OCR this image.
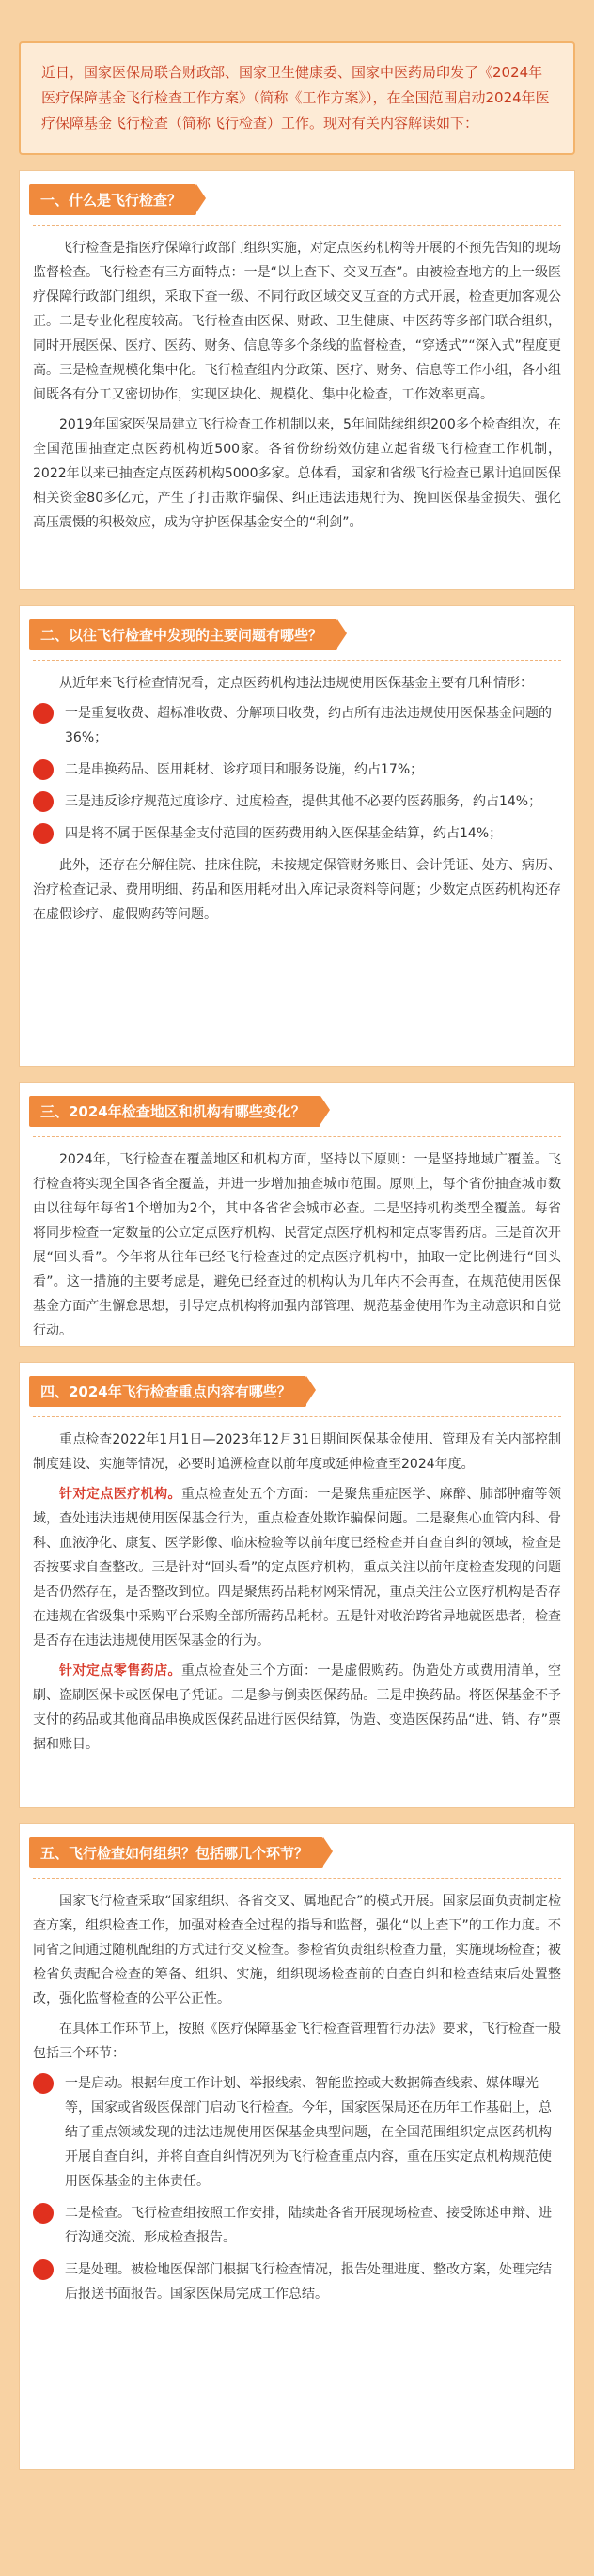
近日，国家医保局联合财政部、国家卫生健康委、国家中医药局印发了《2024年医疗保障基金飞行检查工作方案》（简称《工作方案》），在全国范围启动2024年医疗保障基金飞行检查（简称飞行检查）工作。现对有关内容解读如下：
一、什么是飞行检查？

飞行检查是指医疗保障行政部门组织实施，对定点医药机构等开展的不预先告知的现场监督检查。飞行检查有三方面特点：一是“以上查下、交叉互查”。由被检查地方的上一级医疗保障行政部门组织，采取下查一级、不同行政区域交叉互查的方式开展，检查更加客观公正。二是专业化程度较高。飞行检查由医保、财政、卫生健康、中医药等多部门联合组织，同时开展医保、医疗、医药、财务、信息等多个条线的监督检查，“穿透式”“深入式”程度更高。三是检查规模化集中化。飞行检查组内分政策、医疗、财务、信息等工作小组，各小组间既各有分工又密切协作，实现区块化、规模化、集中化检查，工作效率更高。

2019年国家医保局建立飞行检查工作机制以来，5年间陆续组织200多个检查组次，在全国范围抽查定点医药机构近500家。各省份纷纷效仿建立起省级飞行检查工作机制，2022年以来已抽查定点医药机构5000多家。总体看，国家和省级飞行检查已累计追回医保相关资金80多亿元，产生了打击欺诈骗保、纠正违法违规行为、挽回医保基金损失、强化高压震慑的积极效应，成为守护医保基金安全的“利剑”。

二、以往飞行检查中发现的主要问题有哪些？

从近年来飞行检查情况看，定点医药机构违法违规使用医保基金主要有几种情形：

一是重复收费、超标准收费、分解项目收费，约占所有违法违规使用医保基金问题的36%；
二是串换药品、医用耗材、诊疗项目和服务设施，约占17%；
三是违反诊疗规范过度诊疗、过度检查，提供其他不必要的医药服务，约占14%；
四是将不属于医保基金支付范围的医药费用纳入医保基金结算，约占14%；

此外，还存在分解住院、挂床住院，未按规定保管财务账目、会计凭证、处方、病历、治疗检查记录、费用明细、药品和医用耗材出入库记录资料等问题；少数定点医药机构还存在虚假诊疗、虚假购药等问题。

三、2024年检查地区和机构有哪些变化？

2024年，飞行检查在覆盖地区和机构方面，坚持以下原则：一是坚持地域广覆盖。飞行检查将实现全国各省全覆盖，并进一步增加抽查城市范围。原则上，每个省份抽查城市数由以往每年每省1个增加为2个，其中各省省会城市必查。二是坚持机构类型全覆盖。每省将同步检查一定数量的公立定点医疗机构、民营定点医疗机构和定点零售药店。三是首次开展“回头看”。今年将从往年已经飞行检查过的定点医疗机构中，抽取一定比例进行“回头看”。这一措施的主要考虑是，避免已经查过的机构认为几年内不会再查，在规范使用医保基金方面产生懈怠思想，引导定点机构将加强内部管理、规范基金使用作为主动意识和自觉行动。

四、2024年飞行检查重点内容有哪些？

重点检查2022年1月1日—2023年12月31日期间医保基金使用、管理及有关内部控制制度建设、实施等情况，必要时追溯检查以前年度或延伸检查至2024年度。

针对定点医疗机构。重点检查处五个方面：一是聚焦重症医学、麻醉、肺部肿瘤等领域，查处违法违规使用医保基金行为，重点检查处欺诈骗保问题。二是聚焦心血管内科、骨科、血液净化、康复、医学影像、临床检验等以前年度已经检查并自查自纠的领域，检查是否按要求自查整改。三是针对“回头看”的定点医疗机构，重点关注以前年度检查发现的问题是否仍然存在，是否整改到位。四是聚焦药品耗材网采情况，重点关注公立医疗机构是否存在违规在省级集中采购平台采购全部所需药品耗材。五是针对收治跨省异地就医患者，检查是否存在违法违规使用医保基金的行为。

针对定点零售药店。重点检查处三个方面：一是虚假购药。伪造处方或费用清单，空刷、盗刷医保卡或医保电子凭证。二是参与倒卖医保药品。三是串换药品。将医保基金不予支付的药品或其他商品串换成医保药品进行医保结算，伪造、变造医保药品“进、销、存”票据和账目。

五、飞行检查如何组织？包括哪几个环节？

国家飞行检查采取“国家组织、各省交叉、属地配合”的模式开展。国家层面负责制定检查方案，组织检查工作，加强对检查全过程的指导和监督，强化“以上查下”的工作力度。不同省之间通过随机配组的方式进行交叉检查。参检省负责组织检查力量，实施现场检查；被检省负责配合检查的筹备、组织、实施，组织现场检查前的自查自纠和检查结束后处置整改，强化监督检查的公平公正性。

在具体工作环节上，按照《医疗保障基金飞行检查管理暂行办法》要求，飞行检查一般包括三个环节：

一是启动。根据年度工作计划、举报线索、智能监控或大数据筛查线索、媒体曝光等，国家或省级医保部门启动飞行检查。今年，国家医保局还在历年工作基础上，总结了重点领域发现的违法违规使用医保基金典型问题，在全国范围组织定点医药机构开展自查自纠，并将自查自纠情况列为飞行检查重点内容，重在压实定点机构规范使用医保基金的主体责任。
二是检查。飞行检查组按照工作安排，陆续赴各省开展现场检查、接受陈述申辩、进行沟通交流、形成检查报告。
三是处理。被检地医保部门根据飞行检查情况，报告处理进度、整改方案，处理完结后报送书面报告。国家医保局完成工作总结。
